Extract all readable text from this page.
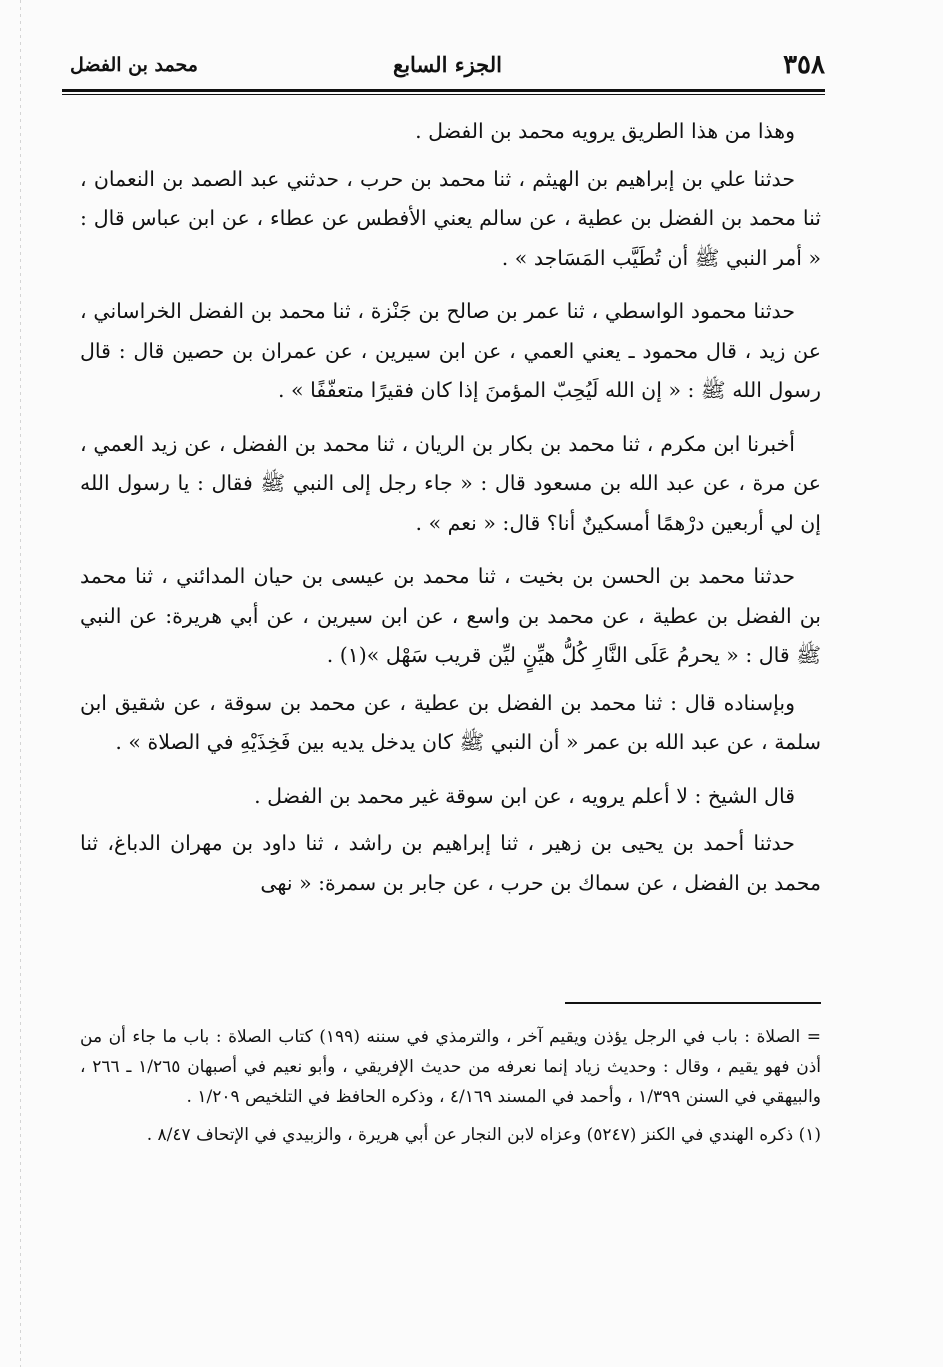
٣٥٨
الجزء السابع
محمد بن الفضل

وهذا من هذا الطريق يرويه محمد بن الفضل .

حدثنا علي بن إبراهيم بن الهيثم ، ثنا محمد بن حرب ، حدثني عبد الصمد بن النعمان ، ثنا محمد بن الفضل بن عطية ، عن سالم يعني الأفطس عن عطاء ، عن ابن عباس قال : « أمر النبي ﷺ أن تُطَيَّب المَسَاجد » .

حدثنا محمود الواسطي ، ثنا عمر بن صالح بن جَنْزة ، ثنا محمد بن الفضل الخراساني ، عن زيد ، قال محمود ـ يعني العمي ، عن ابن سيرين ، عن عمران بن حصين قال : قال رسول الله ﷺ : « إن الله لَيُحِبّ المؤمنَ إذا كان فقيرًا متعفّفًا » .

أخبرنا ابن مكرم ، ثنا محمد بن بكار بن الريان ، ثنا محمد بن الفضل ، عن زيد العمي ، عن مرة ، عن عبد الله بن مسعود قال : « جاء رجل إلى النبي ﷺ فقال : يا رسول الله إن لي أربعين درْهمًا أمسكينٌ أنا؟ قال: « نعم » .

حدثنا محمد بن الحسن بن بخيت ، ثنا محمد بن عيسى بن حيان المدائني ، ثنا محمد بن الفضل بن عطية ، عن محمد بن واسع ، عن ابن سيرين ، عن أبي هريرة: عن النبي ﷺ قال : « يحرمُ عَلَى النَّارِ كُلُّ هيِّنٍ ليِّن قريب سَهْل »(١) .

وبإسناده قال : ثنا محمد بن الفضل بن عطية ، عن محمد بن سوقة ، عن شقيق ابن سلمة ، عن عبد الله بن عمر « أن النبي ﷺ كان يدخل يديه بين فَخِذَيْهِ في الصلاة » .

قال الشيخ : لا أعلم يرويه ، عن ابن سوقة غير محمد بن الفضل .

حدثنا أحمد بن يحيى بن زهير ، ثنا إبراهيم بن راشد ، ثنا داود بن مهران الدباغ، ثنا محمد بن الفضل ، عن سماك بن حرب ، عن جابر بن سمرة: « نهى

= الصلاة : باب في الرجل يؤذن ويقيم آخر ، والترمذي في سننه (١٩٩) كتاب الصلاة : باب ما جاء أن من أذن فهو يقيم ، وقال : وحديث زياد إنما نعرفه من حديث الإفريقي ، وأبو نعيم في أصبهان ١/٢٦٥ ـ ٢٦٦ ، والبيهقي في السنن ١/٣٩٩ ، وأحمد في المسند ٤/١٦٩ ، وذكره الحافظ في التلخيص ١/٢٠٩ .

(١) ذكره الهندي في الكنز (٥٢٤٧) وعزاه لابن النجار عن أبي هريرة ، والزبيدي في الإتحاف ٨/٤٧ .
